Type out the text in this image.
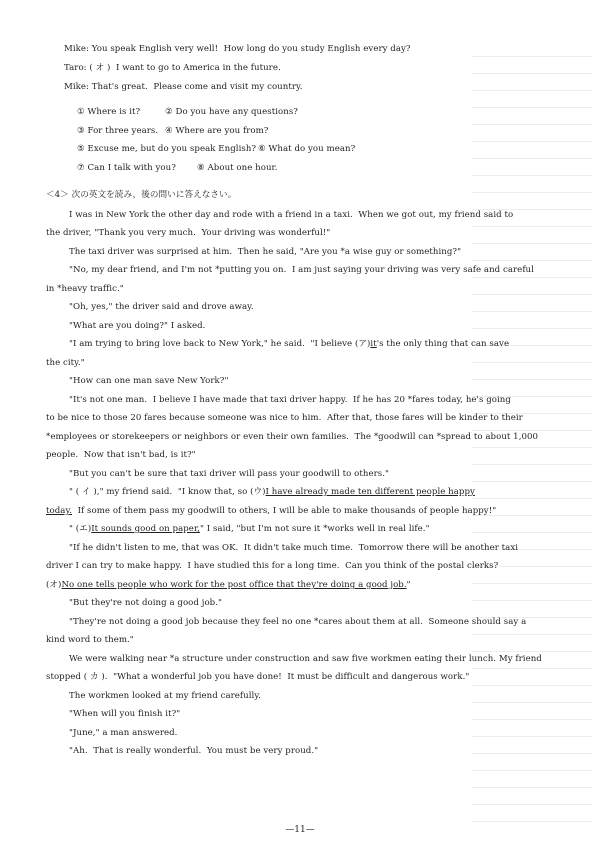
Mike: You speak English very well!  How long do you study English every day?
Taro: ( オ )  I want to go to America in the future.
Mike: That's great.  Please come and visit my country.
① Where is it?	② Do you have any questions?
③ For three years. ④ Where are you from?
⑤ Excuse me, but do you speak English? ⑥ What do you mean?
⑦ Can I talk with you? ⑧ About one hour.
＜4＞ 次の英文を読み，後の問いに答えなさい。
I was in New York the other day and rode with a friend in a taxi.  When we got out, my friend said to
the driver, "Thank you very much.  Your driving was wonderful!"
The taxi driver was surprised at him.  Then he said, "Are you *a wise guy or something?"
"No, my dear friend, and I'm not *putting you on.  I am just saying your driving was very safe and careful
in *heavy traffic."
"Oh, yes," the driver said and drove away.
"What are you doing?" I asked.
"I am trying to bring love back to New York," he said.  "I believe (ア)it's the only thing that can save
the city."
"How can one man save New York?"
"It's not one man.  I believe I have made that taxi driver happy.  If he has 20 *fares today, he's going
to be nice to those 20 fares because someone was nice to him.  After that, those fares will be kinder to their
*employees or storekeepers or neighbors or even their own families.  The *goodwill can *spread to about 1,000
people.  Now that isn't bad, is it?"
"But you can't be sure that taxi driver will pass your goodwill to others."
" ( イ )," my friend said.  "I know that, so (ウ)I have already made ten different people happy
today.  If some of them pass my goodwill to others, I will be able to make thousands of people happy!"
" (エ)It sounds good on paper," I said, "but I'm not sure it *works well in real life."
"If he didn't listen to me, that was OK.  It didn't take much time.  Tomorrow there will be another taxi
driver I can try to make happy.  I have studied this for a long time.  Can you think of the postal clerks?
(オ)No one tells people who work for the post office that they're doing a good job."
"But they're not doing a good job."
"They're not doing a good job because they feel no one *cares about them at all.  Someone should say a
kind word to them."
We were walking near *a structure under construction and saw five workmen eating their lunch. My friend
stopped ( カ ).  "What a wonderful job you have done!  It must be difficult and dangerous work."
The workmen looked at my friend carefully.
"When will you finish it?"
"June," a man answered.
"Ah.  That is really wonderful.  You must be very proud."
—11—
